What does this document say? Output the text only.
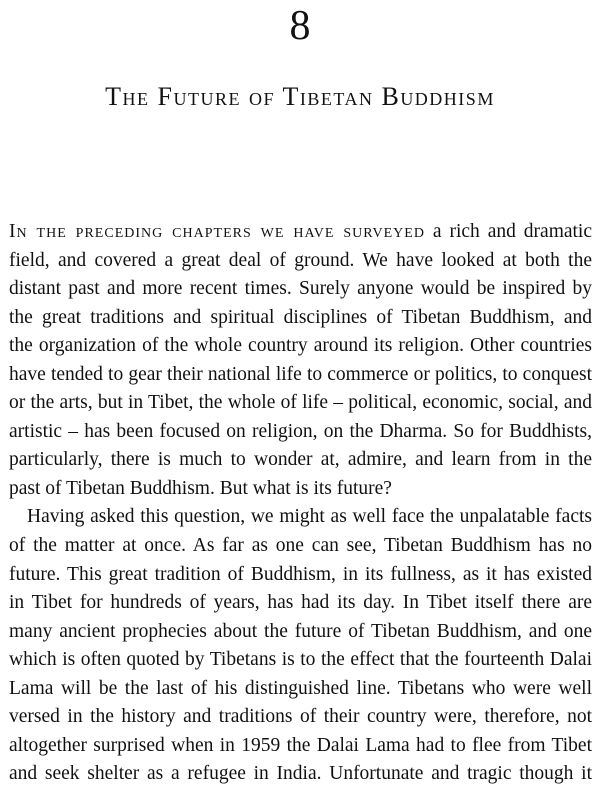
8
The Future of Tibetan Buddhism
In the preceding chapters we have surveyed a rich and dramatic
field, and covered a great deal of ground. We have looked at both the
distant past and more recent times. Surely anyone would be inspired by
the great traditions and spiritual disciplines of Tibetan Buddhism, and
the organization of the whole country around its religion. Other countries
have tended to gear their national life to commerce or politics, to conquest
or the arts, but in Tibet, the whole of life – political, economic, social, and
artistic – has been focused on religion, on the Dharma. So for Buddhists,
particularly, there is much to wonder at, admire, and learn from in the
past of Tibetan Buddhism. But what is its future?
Having asked this question, we might as well face the unpalatable facts
of the matter at once. As far as one can see, Tibetan Buddhism has no
future. This great tradition of Buddhism, in its fullness, as it has existed
in Tibet for hundreds of years, has had its day. In Tibet itself there are
many ancient prophecies about the future of Tibetan Buddhism, and one
which is often quoted by Tibetans is to the effect that the fourteenth Dalai
Lama will be the last of his distinguished line. Tibetans who were well
versed in the history and traditions of their country were, therefore, not
altogether surprised when in 1959 the Dalai Lama had to flee from Tibet
and seek shelter as a refugee in India. Unfortunate and tragic though it
